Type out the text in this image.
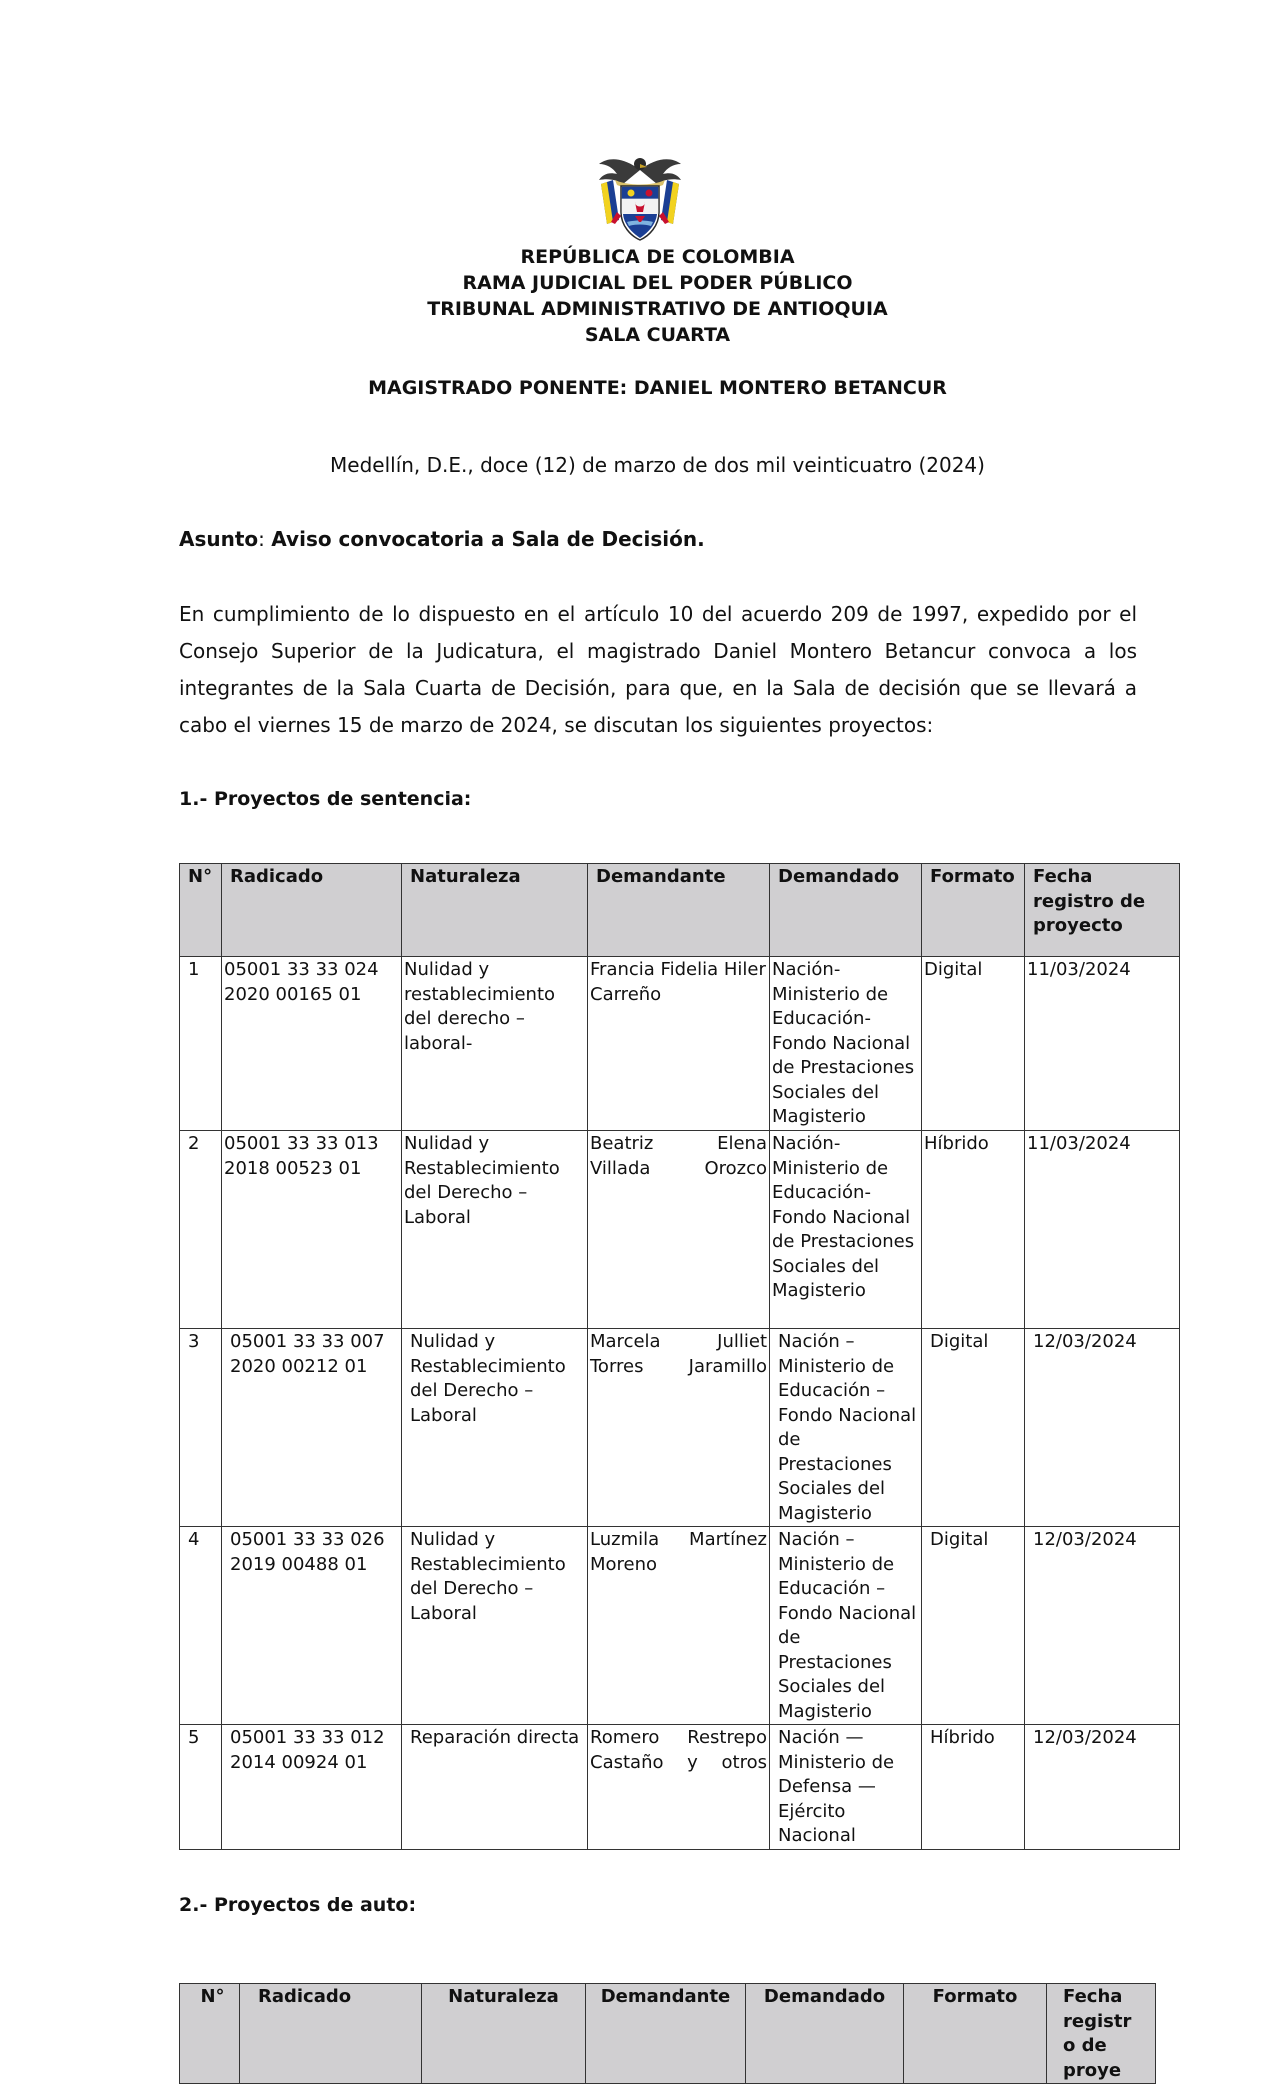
REPÚBLICA DE COLOMBIA
RAMA JUDICIAL DEL PODER PÚBLICO
TRIBUNAL ADMINISTRATIVO DE ANTIOQUIA
SALA CUARTA
MAGISTRADO PONENTE: DANIEL MONTERO BETANCUR
Medellín, D.E., doce (12) de marzo de dos mil veinticuatro (2024)
Asunto: Aviso convocatoria a Sala de Decisión.
En cumplimiento de lo dispuesto en el artículo 10 del acuerdo 209 de 1997, expedido por el Consejo Superior de la Judicatura, el magistrado Daniel Montero Betancur convoca a los integrantes de la Sala Cuarta de Decisión, para que, en la Sala de decisión que se llevará a cabo el viernes 15 de marzo de 2024, se discutan los siguientes proyectos:
1.- Proyectos de sentencia:
N°	Radicado	Naturaleza	Demandante	Demandado	Formato	Fecha registro de proyecto

1	05001 33 33 024 2020 00165 01	Nulidad y restablecimiento del derecho – laboral-	Francia Fidelia Hiler Carreño	Nación-Ministerio de Educación-Fondo Nacional de Prestaciones Sociales del Magisterio	Digital	11/03/2024

2	05001 33 33 013 2018 00523 01	Nulidad y Restablecimiento del Derecho – Laboral	Beatriz Elena Villada Orozco	Nación-Ministerio de Educación-Fondo Nacional de Prestaciones Sociales del Magisterio	Híbrido	11/03/2024

3	05001 33 33 007 2020 00212 01	Nulidad y Restablecimiento del Derecho – Laboral	Marcela Julliet Torres Jaramillo	Nación – Ministerio de Educación – Fondo Nacional de Prestaciones Sociales del Magisterio	Digital	12/03/2024

4	05001 33 33 026 2019 00488 01	Nulidad y Restablecimiento del Derecho – Laboral	Luzmila Martínez Moreno	Nación – Ministerio de Educación – Fondo Nacional de Prestaciones Sociales del Magisterio	Digital	12/03/2024

5	05001 33 33 012 2014 00924 01	Reparación directa	Romero Restrepo Castaño y otros	Nación — Ministerio de Defensa — Ejército Nacional	Híbrido	12/03/2024
2.- Proyectos de auto:
N°	Radicado	Naturaleza	Demandante	Demandado	Formato	Fecha
registr
o de
proye
